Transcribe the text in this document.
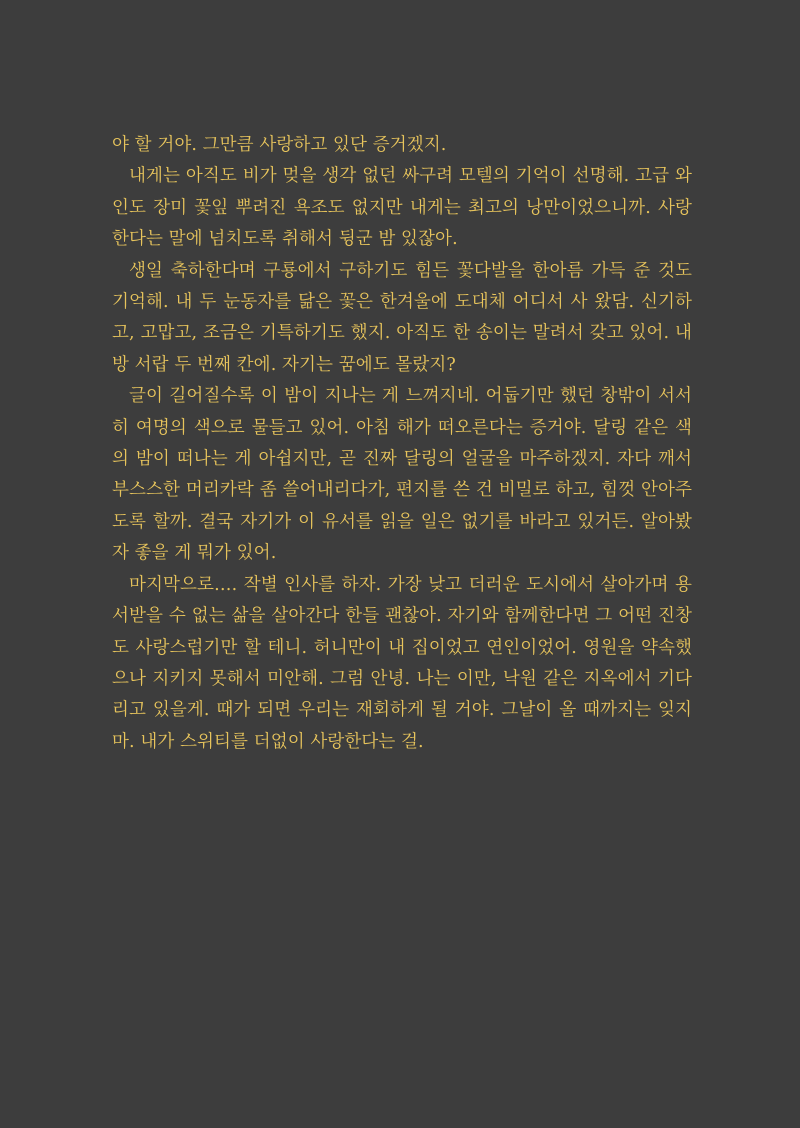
야 할 거야. 그만큼 사랑하고 있단 증거겠지.

내게는 아직도 비가 멎을 생각 없던 싸구려 모텔의 기억이 선명해. 고급 와인도 장미 꽃잎 뿌려진 욕조도 없지만 내게는 최고의 낭만이었으니까. 사랑한다는 말에 넘치도록 취해서 뒹군 밤 있잖아.

생일 축하한다며 구룡에서 구하기도 힘든 꽃다발을 한아름 가득 준 것도 기억해. 내 두 눈동자를 닮은 꽃은 한겨울에 도대체 어디서 사 왔담. 신기하고, 고맙고, 조금은 기특하기도 했지. 아직도 한 송이는 말려서 갖고 있어. 내 방 서랍 두 번째 칸에. 자기는 꿈에도 몰랐지?

글이 길어질수록 이 밤이 지나는 게 느껴지네. 어둡기만 했던 창밖이 서서히 여명의 색으로 물들고 있어. 아침 해가 떠오른다는 증거야. 달링 같은 색의 밤이 떠나는 게 아쉽지만, 곧 진짜 달링의 얼굴을 마주하겠지. 자다 깨서 부스스한 머리카락 좀 쓸어내리다가, 편지를 쓴 건 비밀로 하고, 힘껏 안아주도록 할까. 결국 자기가 이 유서를 읽을 일은 없기를 바라고 있거든. 알아봤자 좋을 게 뭐가 있어.

마지막으로…. 작별 인사를 하자. 가장 낮고 더러운 도시에서 살아가며 용서받을 수 없는 삶을 살아간다 한들 괜찮아. 자기와 함께한다면 그 어떤 진창도 사랑스럽기만 할 테니. 허니만이 내 집이었고 연인이었어. 영원을 약속했으나 지키지 못해서 미안해. 그럼 안녕. 나는 이만, 낙원 같은 지옥에서 기다리고 있을게. 때가 되면 우리는 재회하게 될 거야. 그날이 올 때까지는 잊지 마. 내가 스위티를 더없이 사랑한다는 걸.
